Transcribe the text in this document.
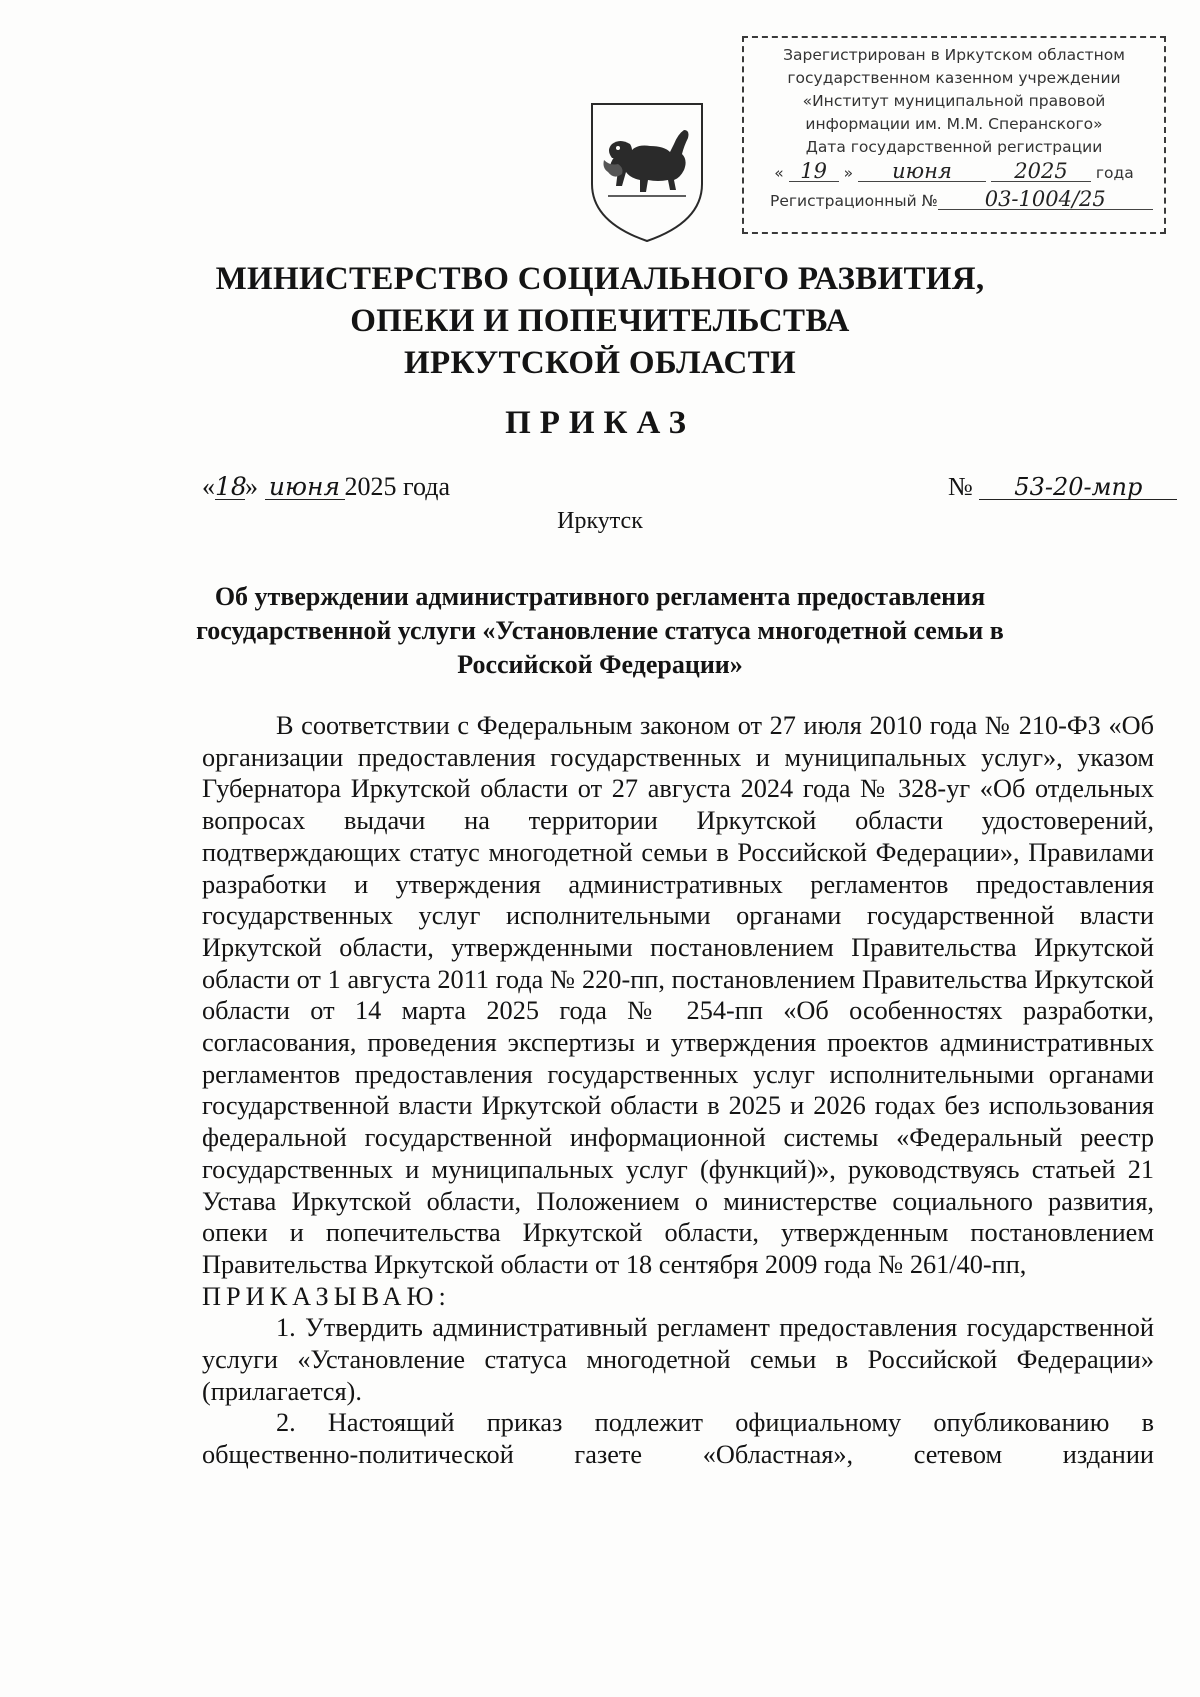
Зарегистрирован в Иркутском областном
государственном казенном учреждении
«Институт муниципальной правовой
информации им. М.М. Сперанского»
Дата государственной регистрации
« 19 » июня	2025 года
Регистрационный № 03-1004/25
МИНИСТЕРСТВО СОЦИАЛЬНОГО РАЗВИТИЯ,
ОПЕКИ И ПОПЕЧИТЕЛЬСТВА
ИРКУТСКОЙ ОБЛАСТИ
ПРИКАЗ
«18» июня 2025 года	№ 53-20-мпр
Иркутск
Об утверждении административного регламента предоставления
государственной услуги «Установление статуса многодетной семьи в
Российской Федерации»

В соответствии с Федеральным законом от 27 июля 2010 года № 210-ФЗ «Об организации предоставления государственных и муниципальных услуг», указом Губернатора Иркутской области от 27 августа 2024 года № 328-уг «Об отдельных вопросах выдачи на территории Иркутской области удостоверений, подтверждающих статус многодетной семьи в Российской Федерации», Правилами разработки и утверждения административных регламентов предоставления государственных услуг исполнительными органами государственной власти Иркутской области, утвержденными постановлением Правительства Иркутской области от 1 августа 2011 года № 220-пп, постановлением Правительства Иркутской области от 14 марта 2025 года № 254-пп «Об особенностях разработки, согласования, проведения экспертизы и утверждения проектов административных регламентов предоставления государственных услуг исполнительными органами государственной власти Иркутской области в 2025 и 2026 годах без использования федеральной государственной информационной системы «Федеральный реестр государственных и муниципальных услуг (функций)», руководствуясь статьей 21 Устава Иркутской области, Положением о министерстве социального развития, опеки и попечительства Иркутской области, утвержденным постановлением Правительства Иркутской области от 18 сентября 2009 года № 261/40-пп,

ПРИКАЗЫВАЮ:

1. Утвердить административный регламент предоставления государственной услуги «Установление статуса многодетной семьи в Российской Федерации» (прилагается).

2. Настоящий приказ подлежит официальному опубликованию в общественно-политической газете «Областная», сетевом издании
